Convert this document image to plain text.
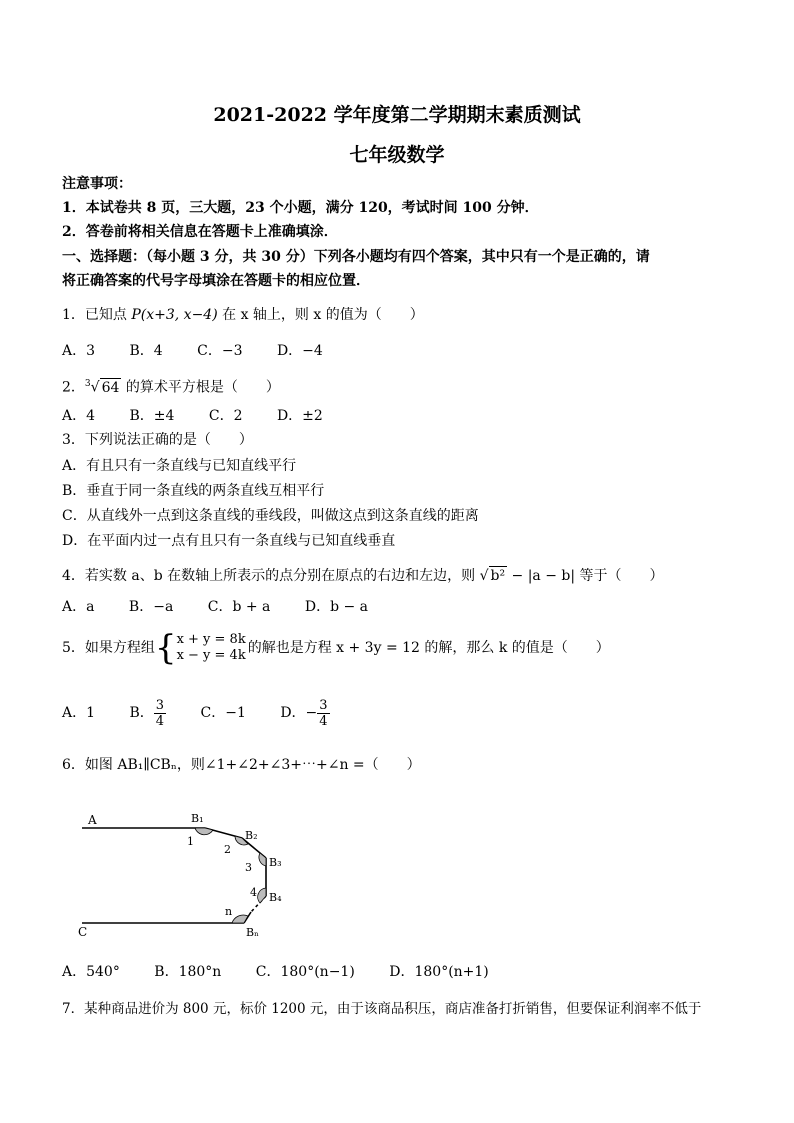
2021-2022 学年度第二学期期末素质测试
七年级数学
注意事项：
1．本试卷共 8 页，三大题，23 个小题，满分 120，考试时间 100 分钟．
2．答卷前将相关信息在答题卡上准确填涂．
一、选择题：（每小题 3 分，共 30 分）下列各小题均有四个答案，其中只有一个是正确的，请
将正确答案的代号字母填涂在答题卡的相应位置．
1．已知点 P(x+3, x−4) 在 x 轴上，则 x 的值为（　　）
A．3 B．4 C．−3 D．−4
2．$^3$√ 64 的算术平方根是（　　）
A．4 B．±4 C．2 D．±2
3．下列说法正确的是（　　）
A．有且只有一条直线与已知直线平行
B．垂直于同一条直线的两条直线互相平行
C．从直线外一点到这条直线的垂线段，叫做这点到这条直线的距离
D．在平面内过一点有且只有一条直线与已知直线垂直
4．若实数 a、b 在数轴上所表示的点分别在原点的右边和左边，则 √ b² − |a − b| 等于（　　）
A．a B．−a C．b + a D．b − a
5．如果方程组{ x + y = 8k
x − y = 4k 的解也是方程 x + 3y = 12 的解，那么 k 的值是（　　）
A．1 B． $\frac{3}{4}$ C．−1 D．− $\frac{3}{4}$
6．如图 AB₁∥CBₙ，则∠1+∠2+∠3+⋯+∠n =（　　）
A
C
B₁
B₂
B₃
B₄
Bₙ
1
2
3
4
n
A．540° B．180°n C．180°(n−1) D．180°(n+1)
7．某种商品进价为 800 元，标价 1200 元，由于该商品积压，商店准备打折销售，但要保证利润率不低于
